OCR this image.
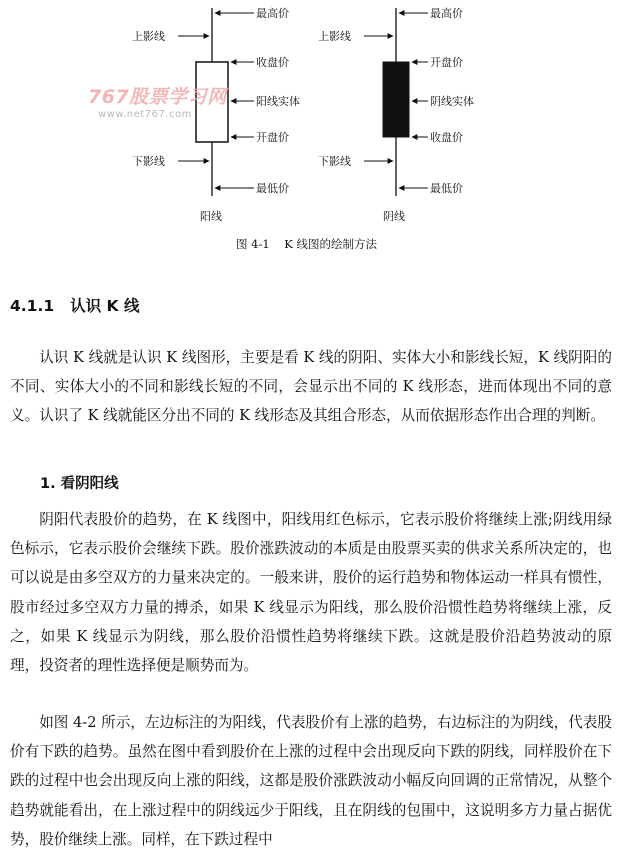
最高价
上影线
收盘价
阳线实体
开盘价
下影线
最低价
阳线
最高价
上影线
开盘价
阴线实体
收盘价
下影线
最低价
阴线
图 4-1    K 线图的绘制方法
767股票学习网
www.net767.com
4.1.1 认识 K 线

认识 K 线就是认识 K 线图形，主要是看 K 线的阴阳、实体大小和影线长短，K 线阴阳的不同、实体大小的不同和影线长短的不同，会显示出不同的 K 线形态，进而体现出不同的意义。认识了 K 线就能区分出不同的 K 线形态及其组合形态，从而依据形态作出合理的判断。

1. 看阴阳线

阴阳代表股价的趋势，在 K 线图中，阳线用红色标示，它表示股价将继续上涨;阴线用绿色标示，它表示股价会继续下跌。股价涨跌波动的本质是由股票买卖的供求关系所决定的，也可以说是由多空双方的力量来决定的。一般来讲，股价的运行趋势和物体运动一样具有惯性，股市经过多空双方力量的搏杀，如果 K 线显示为阳线，那么股价沿惯性趋势将继续上涨，反之，如果 K 线显示为阴线，那么股价沿惯性趋势将继续下跌。这就是股价沿趋势波动的原理，投资者的理性选择便是顺势而为。

如图 4-2 所示，左边标注的为阳线，代表股价有上涨的趋势，右边标注的为阴线，代表股价有下跌的趋势。虽然在图中看到股价在上涨的过程中会出现反向下跌的阴线，同样股价在下跌的过程中也会出现反向上涨的阳线，这都是股价涨跌波动小幅反向回调的正常情况，从整个趋势就能看出，在上涨过程中的阴线远少于阳线，且在阴线的包围中，这说明多方力量占据优势，股价继续上涨。同样，在下跌过程中
